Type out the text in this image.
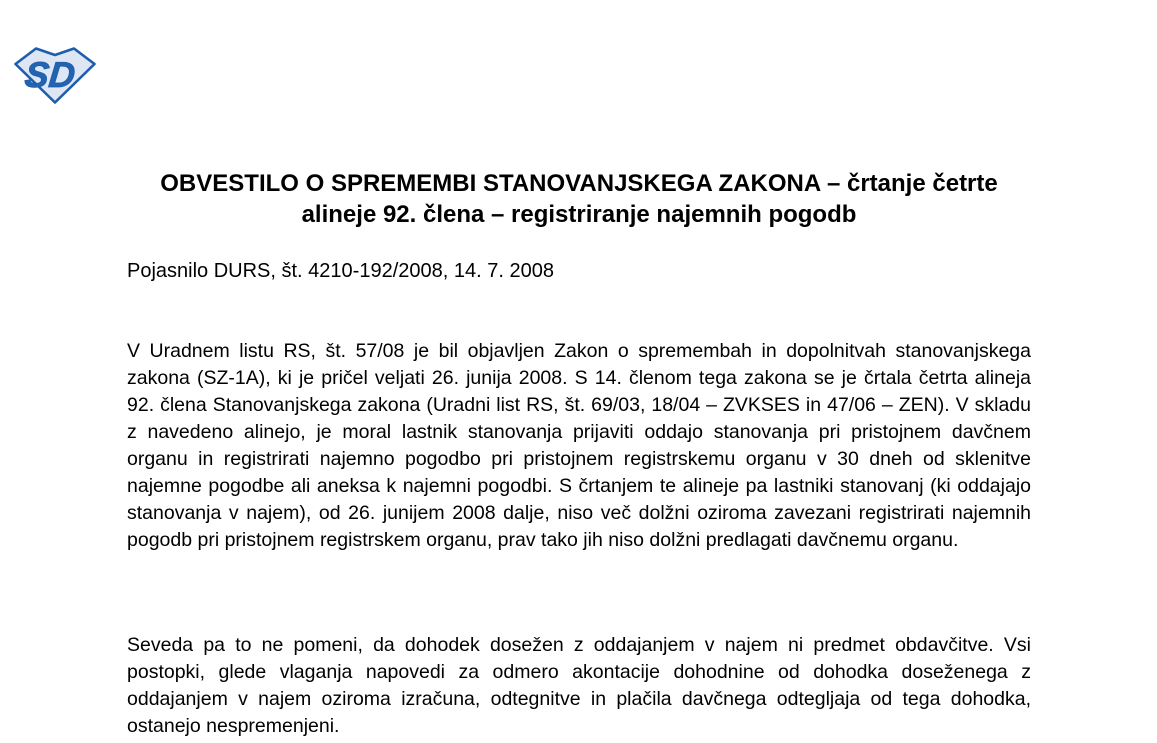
SD
OBVESTILO O SPREMEMBI STANOVANJSKEGA ZAKONA – črtanje četrte alineje 92. člena – registriranje najemnih pogodb

Pojasnilo DURS, št. 4210-192/2008, 14. 7. 2008

V Uradnem listu RS, št. 57/08 je bil objavljen Zakon o spremembah in dopolnitvah stanovanjskega zakona (SZ-1A), ki je pričel veljati 26. junija 2008. S 14. členom tega zakona se je črtala četrta alineja 92. člena Stanovanjskega zakona (Uradni list RS, št. 69/03, 18/04 – ZVKSES in 47/06 – ZEN). V skladu z navedeno alinejo, je moral lastnik stanovanja prijaviti oddajo stanovanja pri pristojnem davčnem organu in registrirati najemno pogodbo pri pristojnem registrskemu organu v 30 dneh od sklenitve najemne pogodbe ali aneksa k najemni pogodbi. S črtanjem te alineje pa lastniki stanovanj (ki oddajajo stanovanja v najem), od 26. junijem 2008 dalje, niso več dolžni oziroma zavezani registrirati najemnih pogodb pri pristojnem registrskem organu, prav tako jih niso dolžni predlagati davčnemu organu.

Seveda pa to ne pomeni, da dohodek dosežen z oddajanjem v najem ni predmet obdavčitve. Vsi postopki, glede vlaganja napovedi za odmero akontacije dohodnine od dohodka doseženega z oddajanjem v najem oziroma izračuna, odtegnitve in plačila davčnega odtegljaja od tega dohodka, ostanejo nespremenjeni.
